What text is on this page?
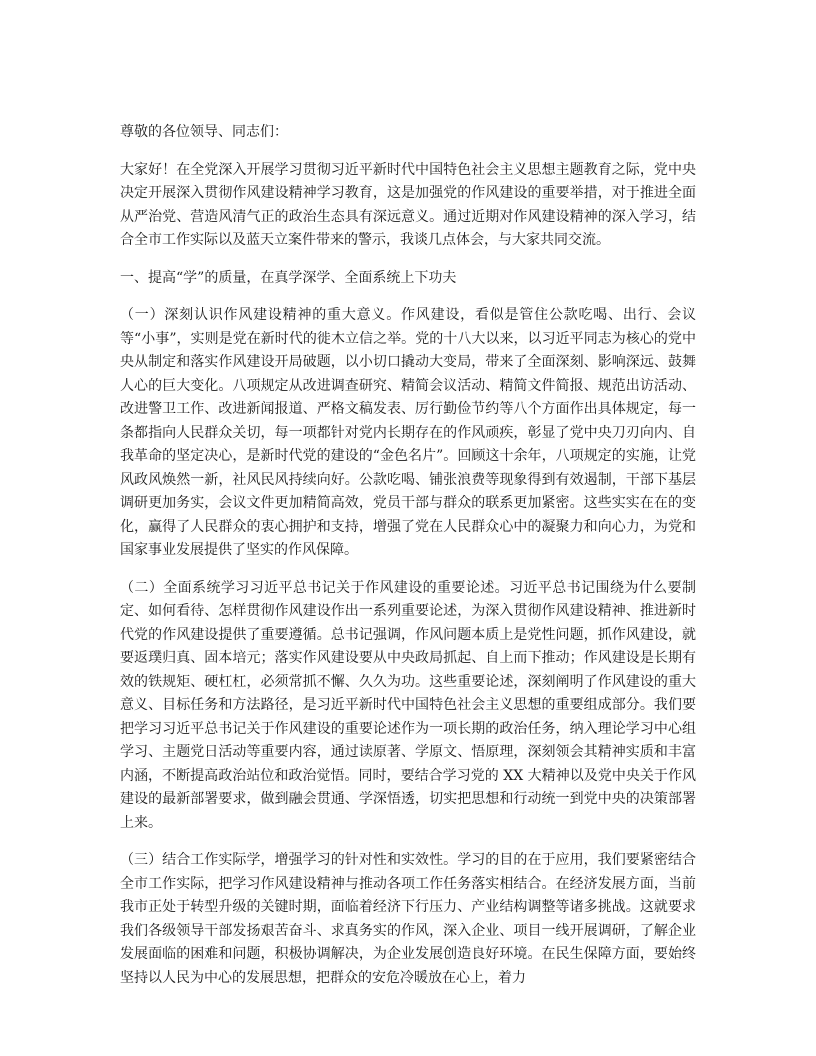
尊敬的各位领导、同志们：

大家好！在全党深入开展学习贯彻习近平新时代中国特色社会主义思想主题教育之际，党中央决定开展深入贯彻作风建设精神学习教育，这是加强党的作风建设的重要举措，对于推进全面从严治党、营造风清气正的政治生态具有深远意义。通过近期对作风建设精神的深入学习，结合全市工作实际以及蓝天立案件带来的警示，我谈几点体会，与大家共同交流。

一、提高“学”的质量，在真学深学、全面系统上下功夫

（一）深刻认识作风建设精神的重大意义。作风建设，看似是管住公款吃喝、出行、会议等“小事”，实则是党在新时代的徙木立信之举。党的十八大以来，以习近平同志为核心的党中央从制定和落实作风建设开局破题，以小切口撬动大变局，带来了全面深刻、影响深远、鼓舞人心的巨大变化。八项规定从改进调查研究、精简会议活动、精简文件简报、规范出访活动、改进警卫工作、改进新闻报道、严格文稿发表、厉行勤俭节约等八个方面作出具体规定，每一条都指向人民群众关切，每一项都针对党内长期存在的作风顽疾，彰显了党中央刀刃向内、自我革命的坚定决心，是新时代党的建设的“金色名片”。回顾这十余年，八项规定的实施，让党风政风焕然一新，社风民风持续向好。公款吃喝、铺张浪费等现象得到有效遏制，干部下基层调研更加务实，会议文件更加精简高效，党员干部与群众的联系更加紧密。这些实实在在的变化，赢得了人民群众的衷心拥护和支持，增强了党在人民群众心中的凝聚力和向心力，为党和国家事业发展提供了坚实的作风保障。

（二）全面系统学习习近平总书记关于作风建设的重要论述。习近平总书记围绕为什么要制定、如何看待、怎样贯彻作风建设作出一系列重要论述，为深入贯彻作风建设精神、推进新时代党的作风建设提供了重要遵循。总书记强调，作风问题本质上是党性问题，抓作风建设，就要返璞归真、固本培元；落实作风建设要从中央政局抓起、自上而下推动；作风建设是长期有效的铁规矩、硬杠杠，必须常抓不懈、久久为功。这些重要论述，深刻阐明了作风建设的重大意义、目标任务和方法路径，是习近平新时代中国特色社会主义思想的重要组成部分。我们要把学习习近平总书记关于作风建设的重要论述作为一项长期的政治任务，纳入理论学习中心组学习、主题党日活动等重要内容，通过读原著、学原文、悟原理，深刻领会其精神实质和丰富内涵，不断提高政治站位和政治觉悟。同时，要结合学习党的 XX 大精神以及党中央关于作风建设的最新部署要求，做到融会贯通、学深悟透，切实把思想和行动统一到党中央的决策部署上来。

（三）结合工作实际学，增强学习的针对性和实效性。学习的目的在于应用，我们要紧密结合全市工作实际，把学习作风建设精神与推动各项工作任务落实相结合。在经济发展方面，当前我市正处于转型升级的关键时期，面临着经济下行压力、产业结构调整等诸多挑战。这就要求我们各级领导干部发扬艰苦奋斗、求真务实的作风，深入企业、项目一线开展调研，了解企业发展面临的困难和问题，积极协调解决，为企业发展创造良好环境。在民生保障方面，要始终坚持以人民为中心的发展思想，把群众的安危冷暖放在心上，着力
